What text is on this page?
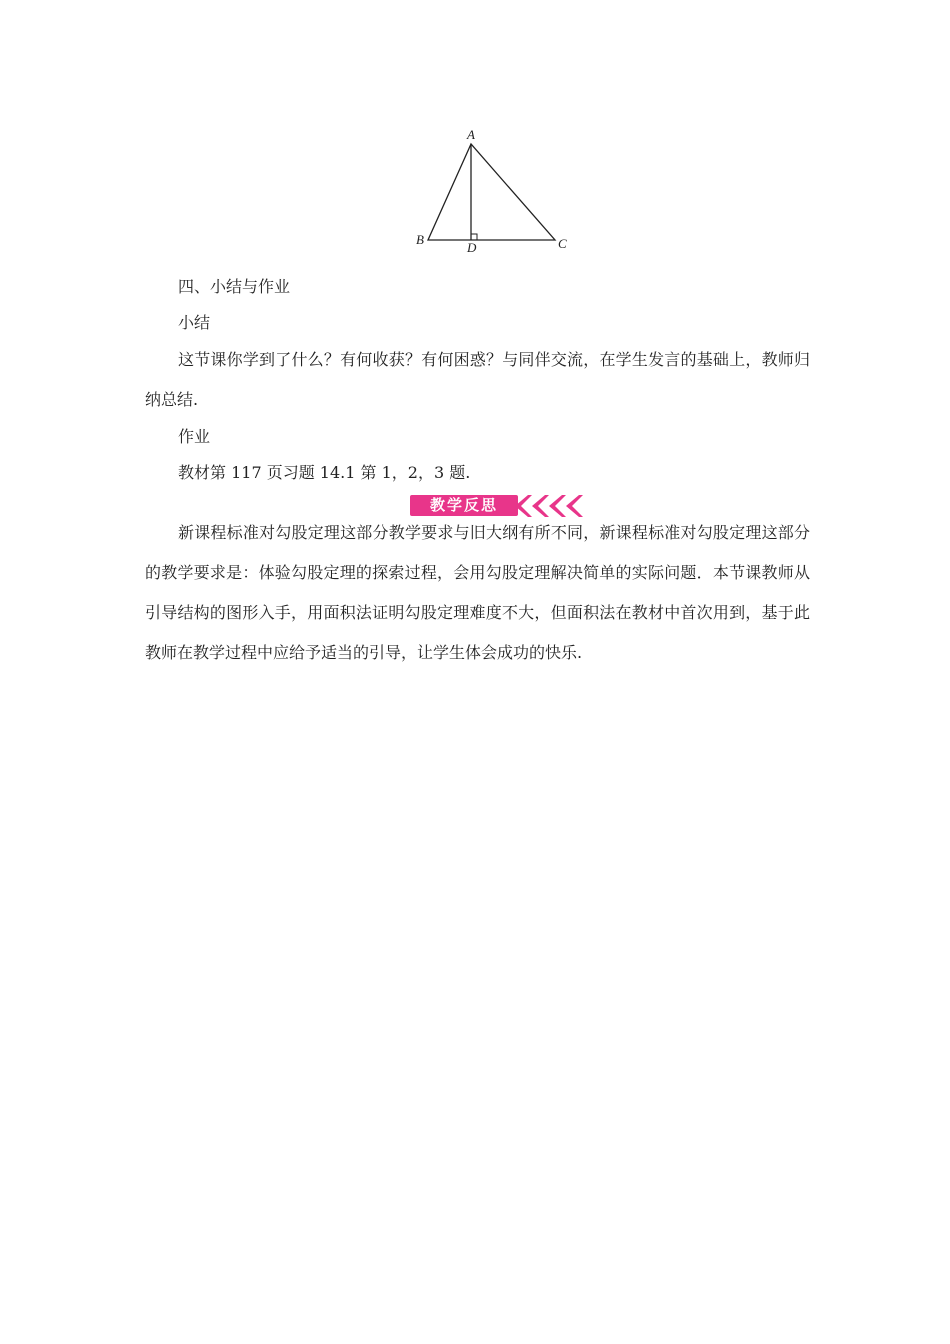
A
B	C
D
四、小结与作业
小结
这节课你学到了什么？有何收获？有何困惑？与同伴交流，在学生发言的基础上，教师归纳总结.
作业
教材第 117 页习题 14.1 第 1，2，3 题.
教学反思
新课程标准对勾股定理这部分教学要求与旧大纲有所不同，新课程标准对勾股定理这部分的教学要求是：体验勾股定理的探索过程，会用勾股定理解决简单的实际问题．本节课教师从引导结构的图形入手，用面积法证明勾股定理难度不大，但面积法在教材中首次用到，基于此教师在教学过程中应给予适当的引导，让学生体会成功的快乐.
